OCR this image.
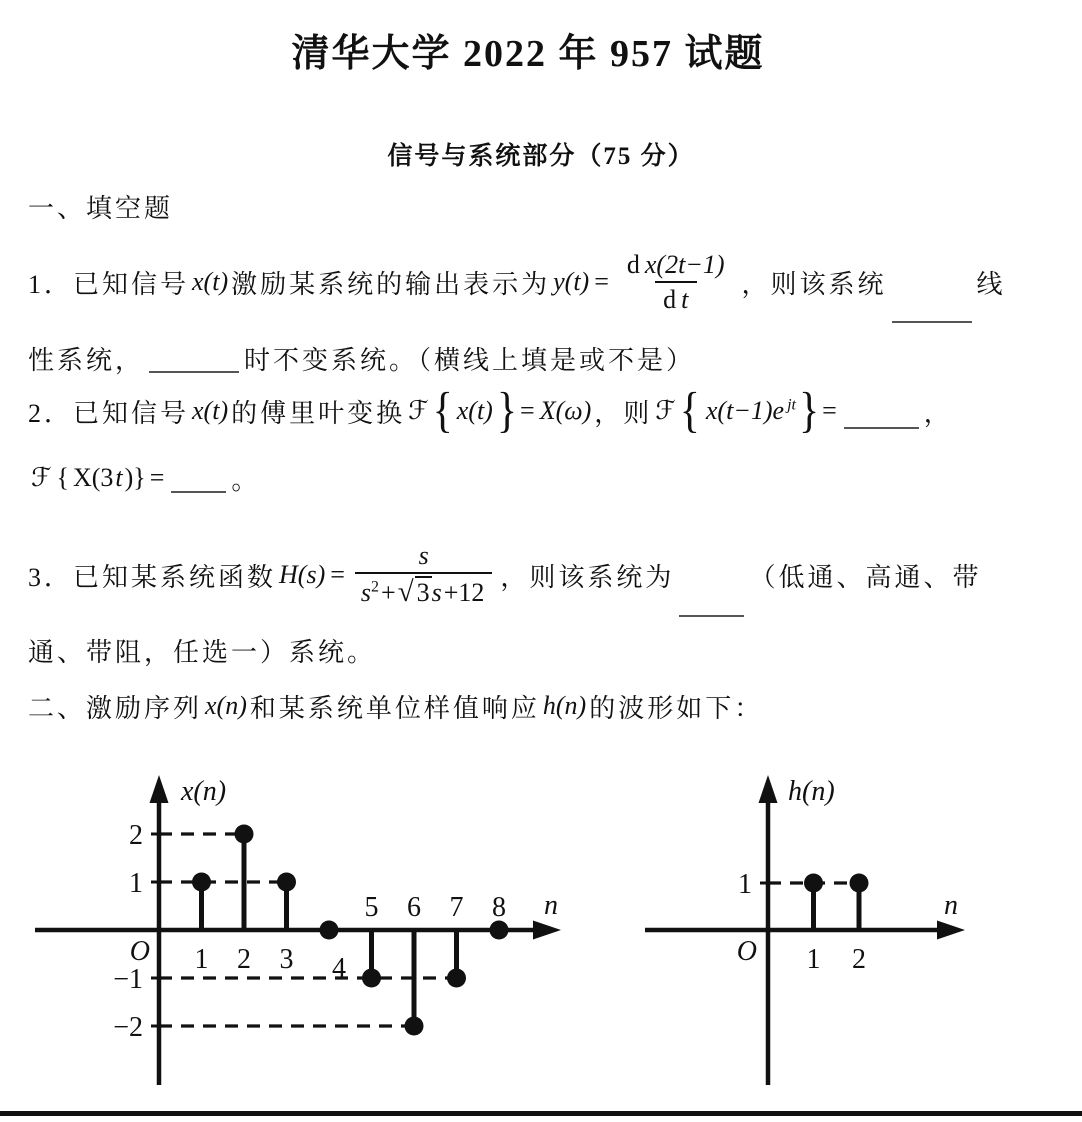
清华大学 2022 年 957 试题
信号与系统部分（75 分）
一、填空题
1．已知信号 x(t) 激励某系统的输出表示为 $y(t) = \frac{\text{d x(2t−1)}}{\text{d t}}$ ，则该系统	线
性系统，	时不变系统。（横线上填是或不是）
2．已知信号 x(t) 的傅里叶变换 ℱ { x(t) } = X(ω) ，则 ℱ { x(t−1)e $^{jt}$ } =	，
ℱ { X(3 t )} =	。
3．已知某系统函数 $H(s) = \frac{s}{s^2+√ 3s+12}$ ，则该系统为	（低通、高通、带
通、带阻，任选一）系统。
二、激励序列 x(n) 和某系统单位样值响应 h(n) 的波形如下：
2
1
−1
−2
1 2 3 4
5 6 7 8
x(n)
n
O
1
1 2
h(n)
n
O
